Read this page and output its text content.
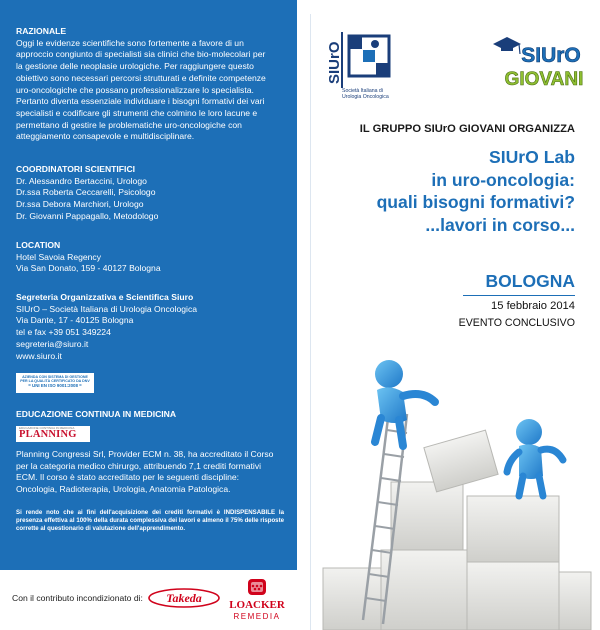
RAZIONALE
Oggi le evidenze scientifiche sono fortemente a favore di un
approccio congiunto di specialisti sia clinici che bio-molecolari per
la gestione delle neoplasie urologiche. Per raggiungere questo
obiettivo sono necessari percorsi strutturati e definite competenze
uro-oncologiche che possano professionalizzare lo specialista.
Pertanto diventa essenziale individuare i bisogni formativi dei vari
specialisti e codificare gli strumenti che colmino le loro lacune e
permettano di gestire le problematiche uro-oncologiche con
atteggiamento consapevole e multidisciplinare.
COORDINATORI SCIENTIFICI
Dr. Alessandro Bertaccini, Urologo
Dr.ssa Roberta Ceccarelli, Psicologo
Dr.ssa Debora Marchiori, Urologo
Dr. Giovanni Pappagallo, Metodologo
LOCATION
Hotel Savoia Regency
Via San Donato, 159 - 40127 Bologna
Segreteria Organizzativa e Scientifica Siuro
SIUrO – Società Italiana di Urologia Oncologica
Via Dante, 17 - 40125 Bologna
tel e fax +39 051 349224
segreteria@siuro.it
www.siuro.it
AZIENDA CON SISTEMA DI GESTIONE
PER LA QUALITÀ CERTIFICATO DA DNV
= UNI EN ISO 9001:2008 =
EDUCAZIONE CONTINUA IN MEDICINA
EDUCAZIONE CONTINUA IN MEDICINA
PLANNING
Planning Congressi Srl, Provider ECM n. 38, ha accreditato il Corso
per la categoria medico chirurgo, attribuendo 7,1 crediti formativi
ECM. Il corso è stato accreditato per le seguenti discipline:
Oncologia, Radioterapia, Urologia, Anatomia Patologica.
Si rende noto che ai fini dell'acquisizione dei crediti formativi è INDISPENSABILE la presenza effettiva al 100% della durata complessiva dei lavori e almeno il 75% delle risposte corrette al questionario di valutazione dell'apprendimento.
Con il contributo incondizionato di: Takeda LOACKER
REMEDIA
SIUrO
Società Italiana di
Urologia Oncologica
SIUrO
GIOVANI
IL GRUPPO SIUrO GIOVANI ORGANIZZA
SIUrO Lab
in uro-oncologia:
quali bisogni formativi?
...lavori in corso...
BOLOGNA
15 febbraio 2014
EVENTO CONCLUSIVO
